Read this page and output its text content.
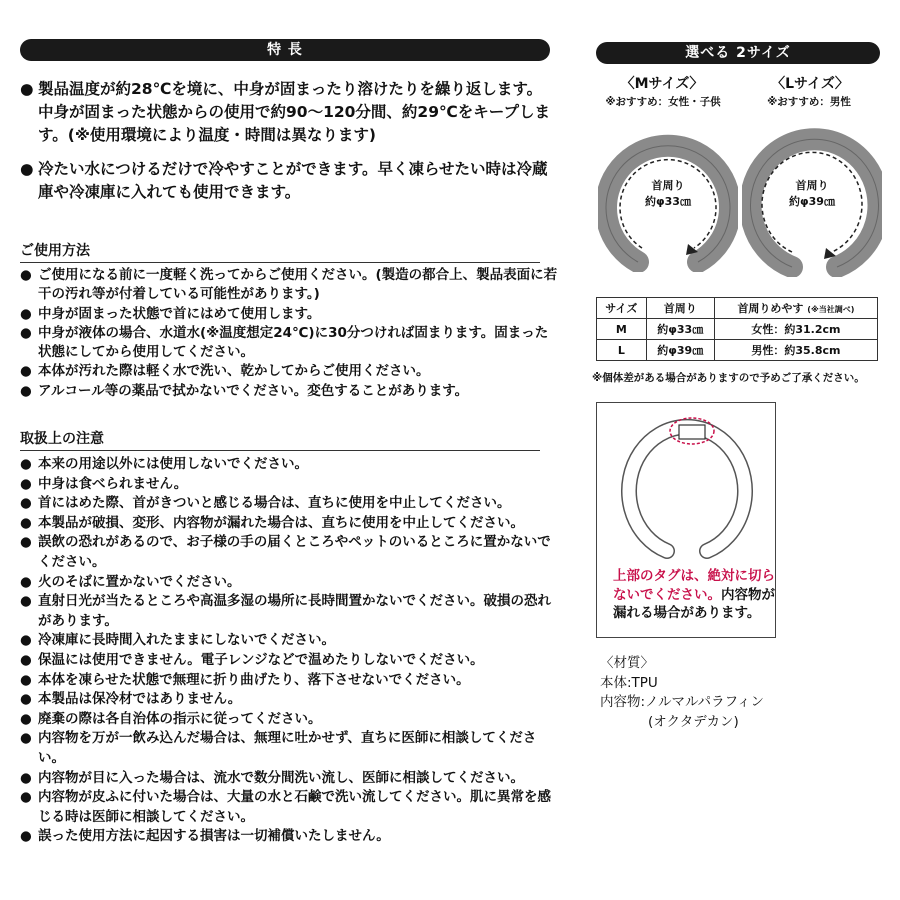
特 長
● 製品温度が約28℃を境に、中身が固まったり溶けたりを繰り返します。
中身が固まった状態からの使用で約90〜120分間、約29℃をキープします。(※使用環境により温度・時間は異なります)
● 冷たい水につけるだけで冷やすことができます。早く凍らせたい時は冷蔵庫や冷凍庫に入れても使用できます。
ご使用方法
● ご使用になる前に一度軽く洗ってからご使用ください。(製造の都合上、製品表面に若干の汚れ等が付着している可能性があります。)
● 中身が固まった状態で首にはめて使用します。
● 中身が液体の場合、水道水(※温度想定24℃)に30分つければ固まります。固まった状態にしてから使用してください。
● 本体が汚れた際は軽く水で洗い、乾かしてからご使用ください。
● アルコール等の薬品で拭かないでください。変色することがあります。
取扱上の注意
● 本来の用途以外には使用しないでください。
● 中身は食べられません。
● 首にはめた際、首がきついと感じる場合は、直ちに使用を中止してください。
● 本製品が破損、変形、内容物が漏れた場合は、直ちに使用を中止してください。
● 誤飲の恐れがあるので、お子様の手の届くところやペットのいるところに置かないでください。
● 火のそばに置かないでください。
● 直射日光が当たるところや高温多湿の場所に長時間置かないでください。破損の恐れがあります。
● 冷凍庫に長時間入れたままにしないでください。
● 保温には使用できません。電子レンジなどで温めたりしないでください。
● 本体を凍らせた状態で無理に折り曲げたり、落下させないでください。
● 本製品は保冷材ではありません。
● 廃棄の際は各自治体の指示に従ってください。
● 内容物を万が一飲み込んだ場合は、無理に吐かせず、直ちに医師に相談してください。
● 内容物が目に入った場合は、流水で数分間洗い流し、医師に相談してください。
● 内容物が皮ふに付いた場合は、大量の水と石鹸で洗い流してください。肌に異常を感じる時は医師に相談してください。
● 誤った使用方法に起因する損害は一切補償いたしません。
選べる 2サイズ
〈Mサイズ〉	〈Lサイズ〉
※おすすめ：女性・子供	※おすすめ：男性
首周り
約φ33㎝
首周り
約φ39㎝
サイズ	首周り	首周りめやす (※当社調べ)
M	約φ33㎝	女性：約31.2cm
L	約φ39㎝	男性：約35.8cm
※個体差がある場合がありますので予めご了承ください。
上部のタグは、絶対に切らないでください。内容物が漏れる場合があります。
〈材質〉
本体:TPU
内容物:ノルマルパラフィン
(オクタデカン)
